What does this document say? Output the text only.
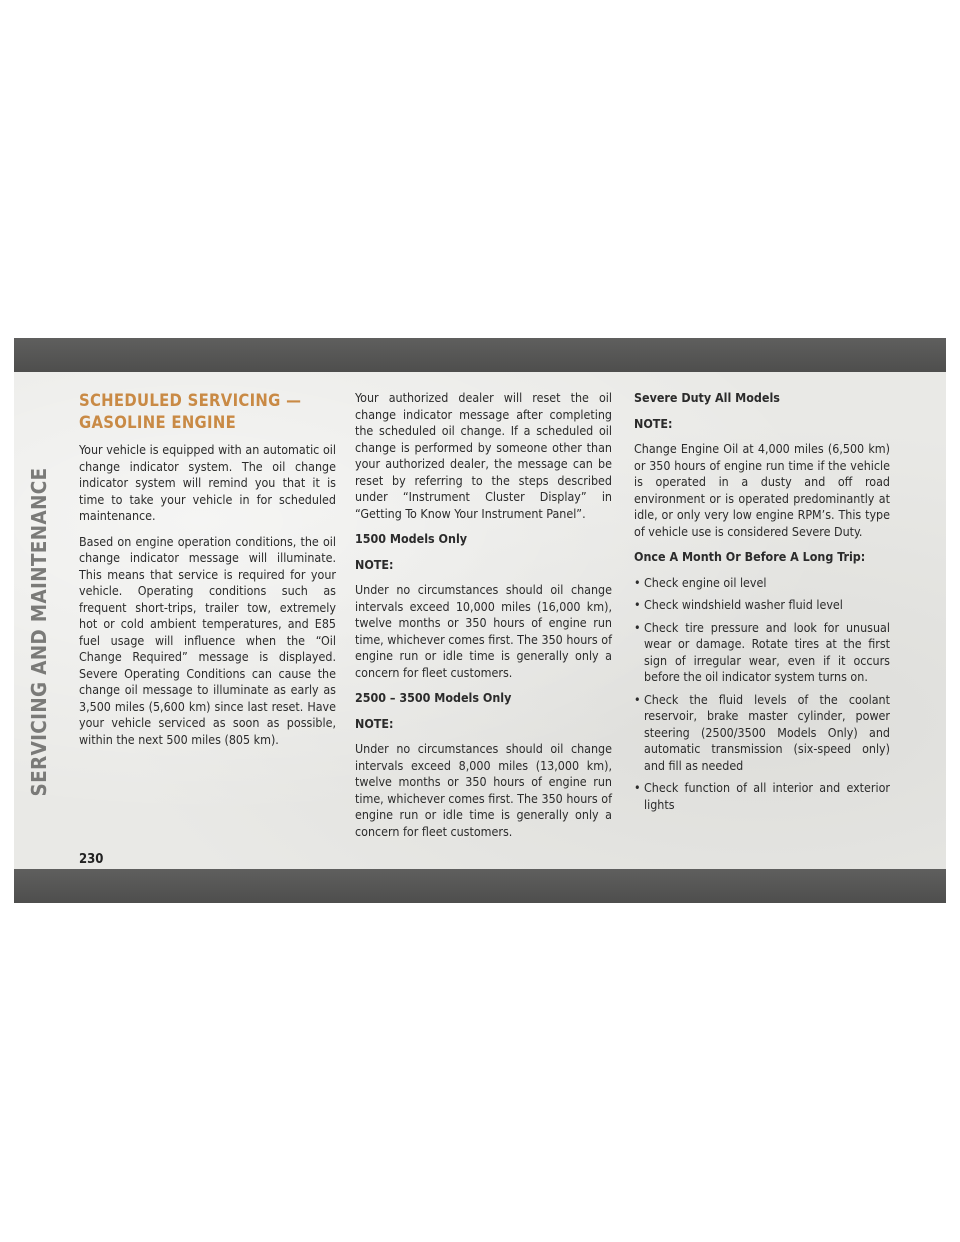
SERVICING AND MAINTENANCE
SCHEDULED SERVICING — GASOLINE ENGINE

Your vehicle is equipped with an automatic oil change indicator system. The oil change indicator system will remind you that it is time to take your vehicle in for scheduled maintenance.

Based on engine operation conditions, the oil change indicator message will illuminate. This means that service is required for your vehicle. Operating conditions such as frequent short-trips, trailer tow, extremely hot or cold ambient temperatures, and E85 fuel usage will influence when the “Oil Change Required” message is displayed. Severe Operating Conditions can cause the change oil message to illuminate as early as 3,500 miles (5,600 km) since last reset. Have your vehicle serviced as soon as possible, within the next 500 miles (805 km).

Your authorized dealer will reset the oil change indicator message after completing the scheduled oil change. If a scheduled oil change is performed by someone other than your authorized dealer, the message can be reset by referring to the steps described under “Instrument Cluster Display” in “Getting To Know Your Instrument Panel”.

1500 Models Only

NOTE:

Under no circumstances should oil change intervals exceed 10,000 miles (16,000 km), twelve months or 350 hours of engine run time, whichever comes first. The 350 hours of engine run or idle time is generally only a concern for fleet customers.

2500 – 3500 Models Only

NOTE:

Under no circumstances should oil change intervals exceed 8,000 miles (13,000 km), twelve months or 350 hours of engine run time, whichever comes first. The 350 hours of engine run or idle time is generally only a concern for fleet customers.

Severe Duty All Models

NOTE:

Change Engine Oil at 4,000 miles (6,500 km) or 350 hours of engine run time if the vehicle is operated in a dusty and off road environment or is operated predominantly at idle, or only very low engine RPM’s. This type of vehicle use is considered Severe Duty.

Once A Month Or Before A Long Trip:

• Check engine oil level
• Check windshield washer fluid level
• Check tire pressure and look for unusual wear or damage. Rotate tires at the first sign of irregular wear, even if it occurs before the oil indicator system turns on.
• Check the fluid levels of the coolant reservoir, brake master cylinder, power steering (2500/3500 Models Only) and automatic transmission (six-speed only) and fill as needed
• Check function of all interior and exterior lights
230
